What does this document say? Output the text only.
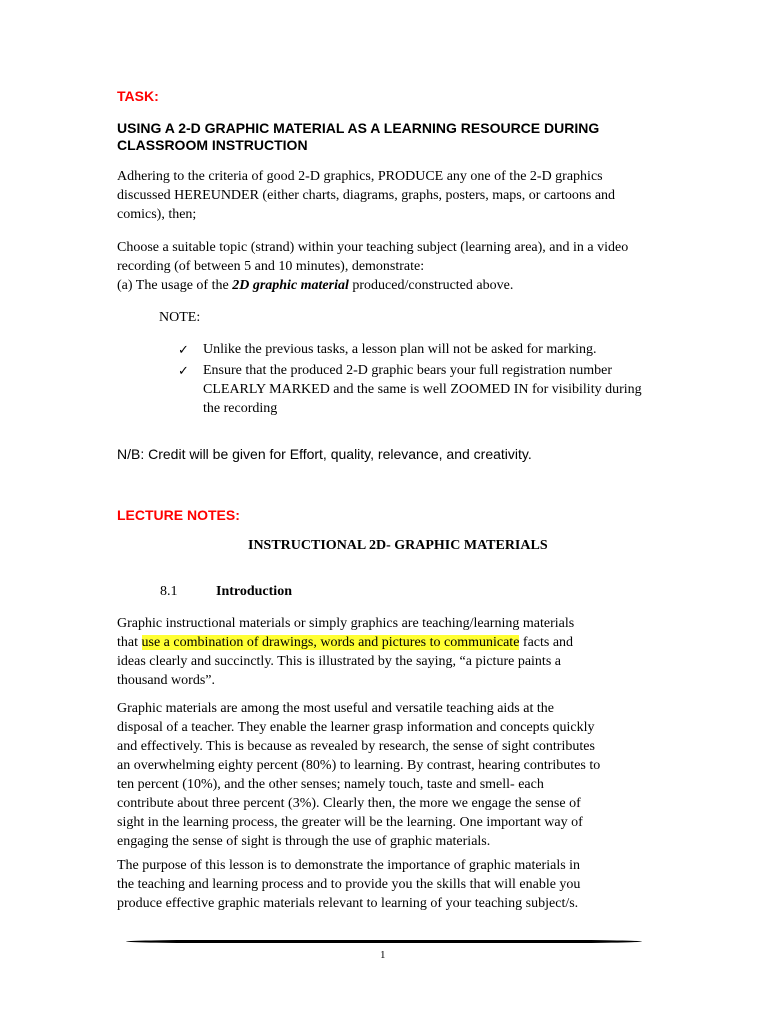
TASK:
USING A 2-D GRAPHIC MATERIAL AS A LEARNING RESOURCE DURING CLASSROOM INSTRUCTION

Adhering to the criteria of good 2-D graphics, PRODUCE any one of the 2-D graphics discussed HEREUNDER (either charts, diagrams, graphs, posters, maps, or cartoons and comics), then;

Choose a suitable topic (strand) within your teaching subject (learning area), and in a video recording (of between 5 and 10 minutes), demonstrate:

(a) The usage of the 2D graphic material produced/constructed above.

NOTE:
✓ Unlike the previous tasks, a lesson plan will not be asked for marking.
✓ Ensure that the produced 2-D graphic bears your full registration number CLEARLY MARKED and the same is well ZOOMED IN for visibility during the recording
N/B: Credit will be given for Effort, quality, relevance, and creativity.
LECTURE NOTES:
INSTRUCTIONAL 2D- GRAPHIC MATERIALS
8.1	Introduction

Graphic instructional materials or simply graphics are teaching/learning materials that use a combination of drawings, words and pictures to communicate facts and ideas clearly and succinctly. This is illustrated by the saying, “a picture paints a thousand words”.

Graphic materials are among the most useful and versatile teaching aids at the disposal of a teacher. They enable the learner grasp information and concepts quickly and effectively. This is because as revealed by research, the sense of sight contributes an overwhelming eighty percent (80%) to learning. By contrast, hearing contributes to ten percent (10%), and the other senses; namely touch, taste and smell- each contribute about three percent (3%). Clearly then, the more we engage the sense of sight in the learning process, the greater will be the learning. One important way of engaging the sense of sight is through the use of graphic materials.

The purpose of this lesson is to demonstrate the importance of graphic materials in the teaching and learning process and to provide you the skills that will enable you produce effective graphic materials relevant to learning of your teaching subject/s.

1
